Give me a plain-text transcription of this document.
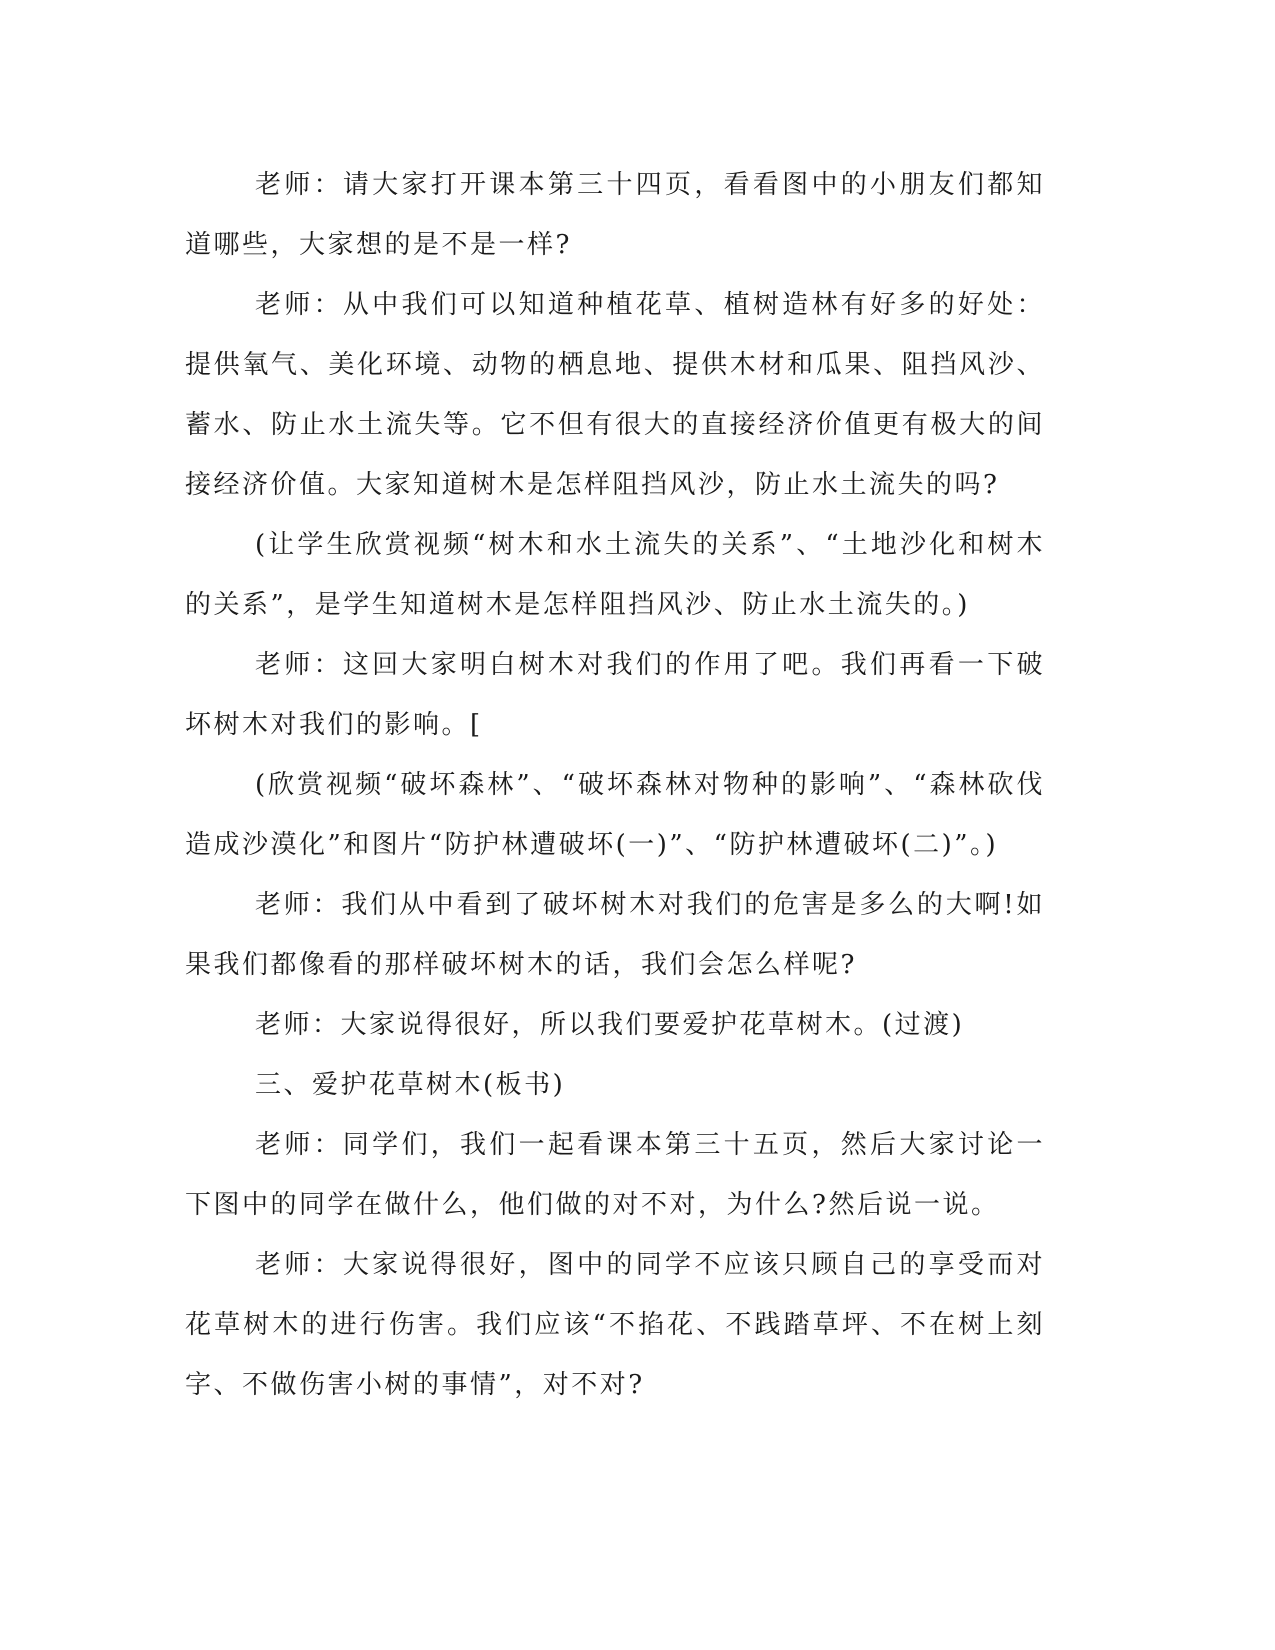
老师：请大家打开课本第三十四页，看看图中的小朋友们都知道哪些，大家想的是不是一样?

老师：从中我们可以知道种植花草、植树造林有好多的好处：提供氧气、美化环境、动物的栖息地、提供木材和瓜果、阻挡风沙、蓄水、防止水土流失等。它不但有很大的直接经济价值更有极大的间接经济价值。大家知道树木是怎样阻挡风沙，防止水土流失的吗?

(让学生欣赏视频“树木和水土流失的关系”、“土地沙化和树木的关系”，是学生知道树木是怎样阻挡风沙、防止水土流失的。)

老师：这回大家明白树木对我们的作用了吧。我们再看一下破坏树木对我们的影响。[

(欣赏视频“破坏森林”、“破坏森林对物种的影响”、“森林砍伐造成沙漠化”和图片“防护林遭破坏(一)”、“防护林遭破坏(二)”。)

老师：我们从中看到了破坏树木对我们的危害是多么的大啊!如果我们都像看的那样破坏树木的话，我们会怎么样呢?

老师：大家说得很好，所以我们要爱护花草树木。(过渡)

三、爱护花草树木(板书)

老师：同学们，我们一起看课本第三十五页，然后大家讨论一下图中的同学在做什么，他们做的对不对，为什么?然后说一说。

老师：大家说得很好，图中的同学不应该只顾自己的享受而对花草树木的进行伤害。我们应该“不掐花、不践踏草坪、不在树上刻字、不做伤害小树的事情”，对不对?
